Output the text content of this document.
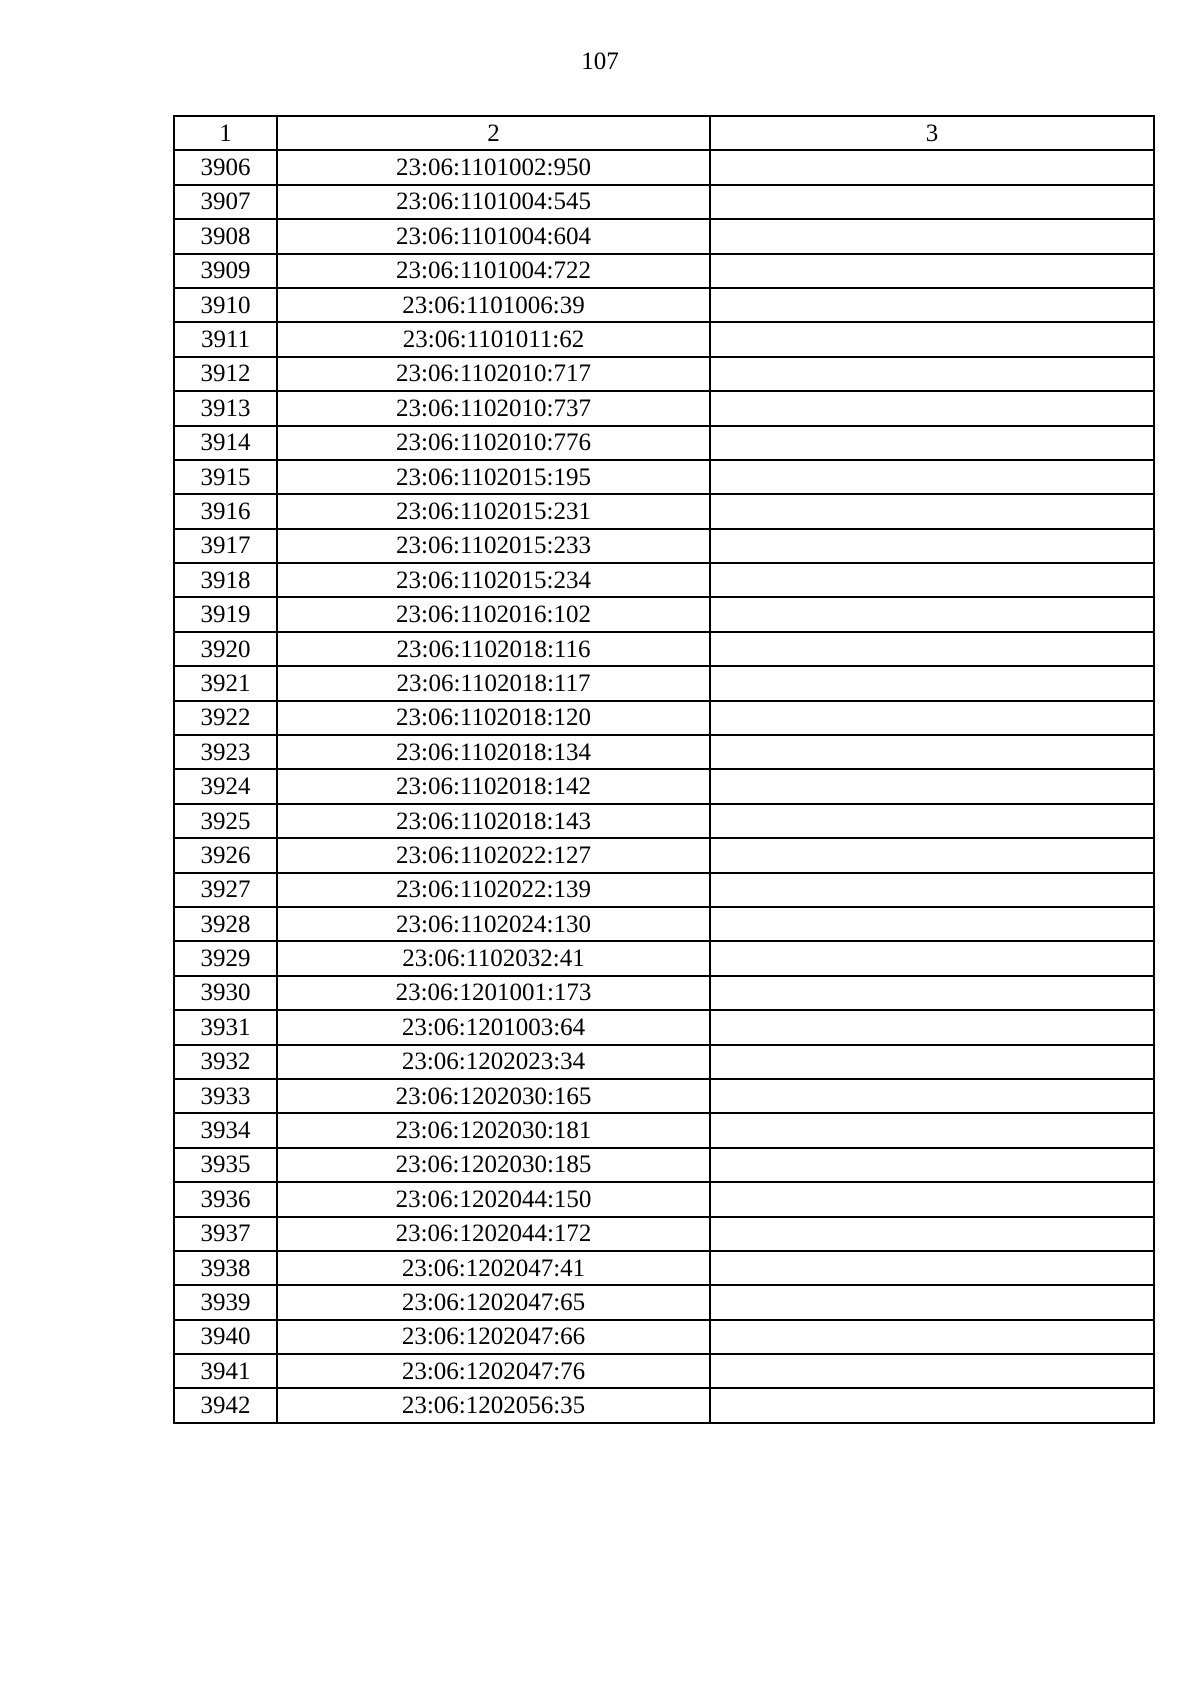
107
1	2	3
3906	23:06:1101002:950	
3907	23:06:1101004:545	
3908	23:06:1101004:604	
3909	23:06:1101004:722	
3910	23:06:1101006:39	
3911	23:06:1101011:62	
3912	23:06:1102010:717	
3913	23:06:1102010:737	
3914	23:06:1102010:776	
3915	23:06:1102015:195	
3916	23:06:1102015:231	
3917	23:06:1102015:233	
3918	23:06:1102015:234	
3919	23:06:1102016:102	
3920	23:06:1102018:116	
3921	23:06:1102018:117	
3922	23:06:1102018:120	
3923	23:06:1102018:134	
3924	23:06:1102018:142	
3925	23:06:1102018:143	
3926	23:06:1102022:127	
3927	23:06:1102022:139	
3928	23:06:1102024:130	
3929	23:06:1102032:41	
3930	23:06:1201001:173	
3931	23:06:1201003:64	
3932	23:06:1202023:34	
3933	23:06:1202030:165	
3934	23:06:1202030:181	
3935	23:06:1202030:185	
3936	23:06:1202044:150	
3937	23:06:1202044:172	
3938	23:06:1202047:41	
3939	23:06:1202047:65	
3940	23:06:1202047:66	
3941	23:06:1202047:76	
3942	23:06:1202056:35	
